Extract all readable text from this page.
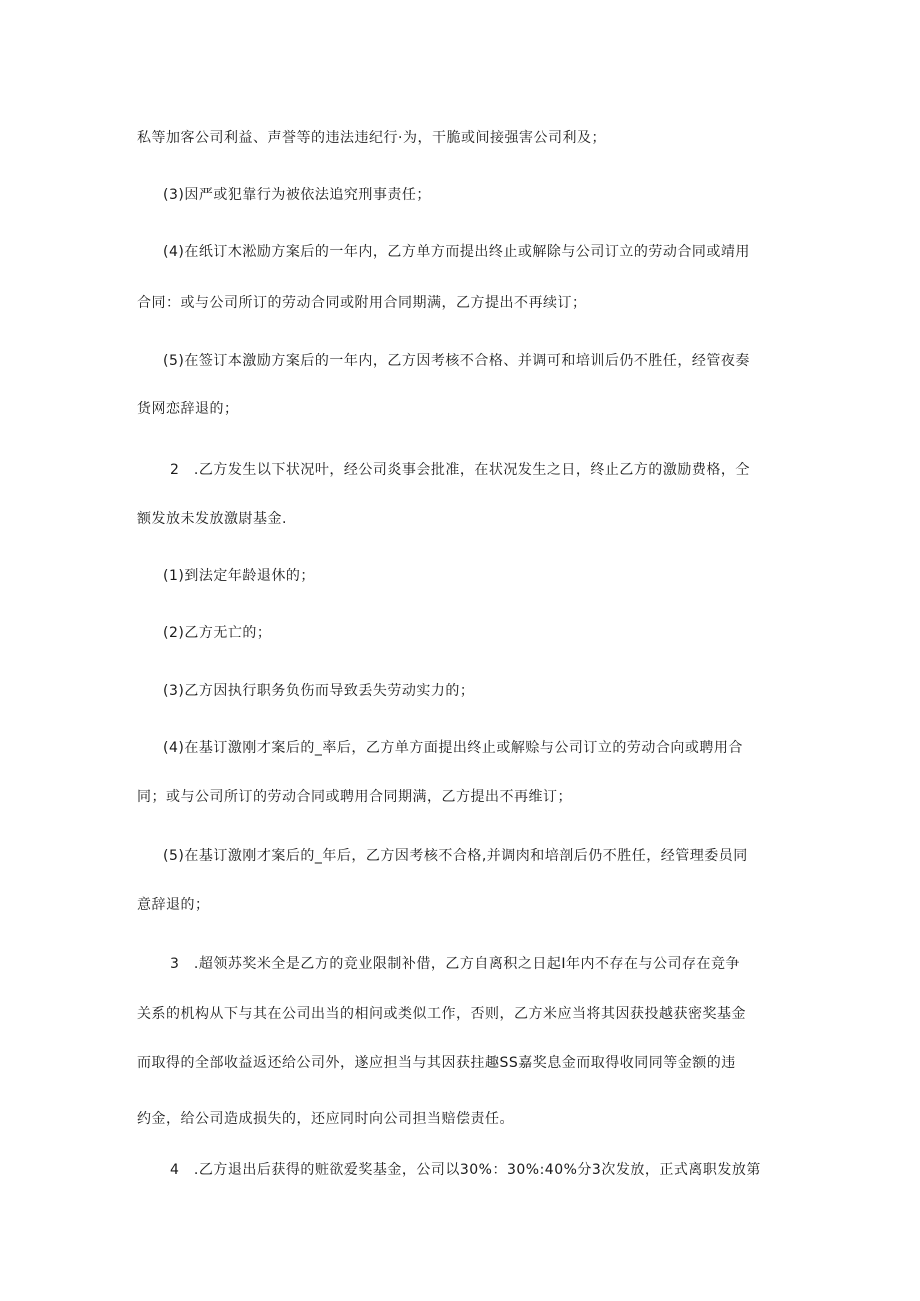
私等加客公司利益、声誉等的违法违纪行·为，干脆或间接强害公司利及；
(3)因严或犯靠行为被依法追究刑事责任；
(4)在纸订木淞励方案后的一年内，乙方单方而提出终止或解除与公司订立的劳动合同或靖用
合同：或与公司所订的劳动合同或附用合同期满，乙方提出不再续订；
(5)在签订本激励方案后的一年内，乙方因考核不合格、并调可和培训后仍不胜任，经管夜奏
货网恋辞退的；
2　.乙方发生以下状况叶，经公司炎事会批准，在状况发生之日，终止乙方的激励费格，仝
额发放未发放激尉基金.
(1)到法定年龄退休的；
(2)乙方无亡的；
(3)乙方因执行职务负伤而导致丢失劳动实力的；
(4)在基订激刚才案后的_率后，乙方单方面提出终止或解赊与公司订立的劳动合向或聘用合
同；或与公司所订的劳动合同或聘用合同期满，乙方提出不再维订；
(5)在基订激刚才案后的_年后，乙方因考核不合格,并调肉和培剖后仍不胜任，经管理委员同
意辞退的；
3　.超领苏奖米全是乙方的竞业限制补借，乙方自离积之日起Ⅰ年内不存在与公司存在竞争
关系的机构从下与其在公司出当的相问或类似工作，否则，乙方米应当将其因获投越获密奖基金
而取得的全部收益返还给公司外，遂应担当与其因获拄趣SS嘉奖息金而取得收同同等金额的违
约金，给公司造成损失的，还应同时向公司担当赔偿责任。
4　.乙方退出后获得的赃欲爱奖基金，公司以30%：30%:40%分3次发放，正式离职发放第
